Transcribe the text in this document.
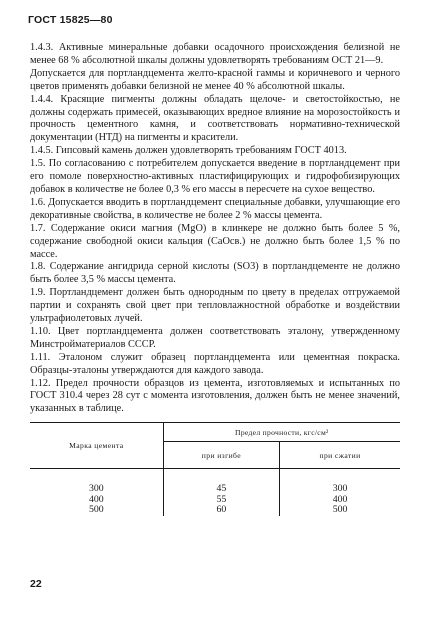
ГОСТ 15825—80

1.4.3. Активные минеральные добавки осадочного происхождения белизной не менее 68 % абсолютной шкалы должны удовлетворять требованиям ОСТ 21—9.

Допускается для портландцемента желто-красной гаммы и коричневого и черного цветов применять добавки белизной не менее 40 % абсолютной шкалы.

1.4.4. Красящие пигменты должны обладать щелоче- и светостойкостью, не должны содержать примесей, оказывающих вредное влияние на морозостойкость и прочность цементного камня, и соответствовать нормативно-технической документации (НТД) на пигменты и красители.

1.4.5. Гипсовый камень должен удовлетворять требованиям ГОСТ 4013.

1.5. По согласованию с потребителем допускается введение в портландцемент при его помоле поверхностно-активных пластифицирующих и гидрофобизирующих добавок в количестве не более 0,3 % его массы в пересчете на сухое вещество.

1.6. Допускается вводить в портландцемент специальные добавки, улучшающие его декоративные свойства, в количестве не более 2 % массы цемента.

1.7. Содержание окиси магния (MgO) в клинкере не должно быть более 5 %, содержание свободной окиси кальция (CaOсв.) не должно быть более 1,5 % по массе.

1.8. Содержание ангидрида серной кислоты (SO3) в портландцементе не должно быть более 3,5 % массы цемента.

1.9. Портландцемент должен быть однородным по цвету в пределах отгружаемой партии и сохранять свой цвет при тепловлажностной обработке и воздействии ультрафиолетовых лучей.

1.10. Цвет портландцемента должен соответствовать эталону, утвержденному Минстройматериалов СССР.

1.11. Эталоном служит образец портландцемента или цементная покраска. Образцы-эталоны утверждаются для каждого завода.

1.12. Предел прочности образцов из цемента, изготовляемых и испытанных по ГОСТ 310.4 через 28 сут с момента изготовления, должен быть не менее значений, указанных в таблице.

Марка цемента	Предел прочности, кгс/см²	
	при изгибе	при сжатии
300	45	300
400	55	400
500	60	500
22
